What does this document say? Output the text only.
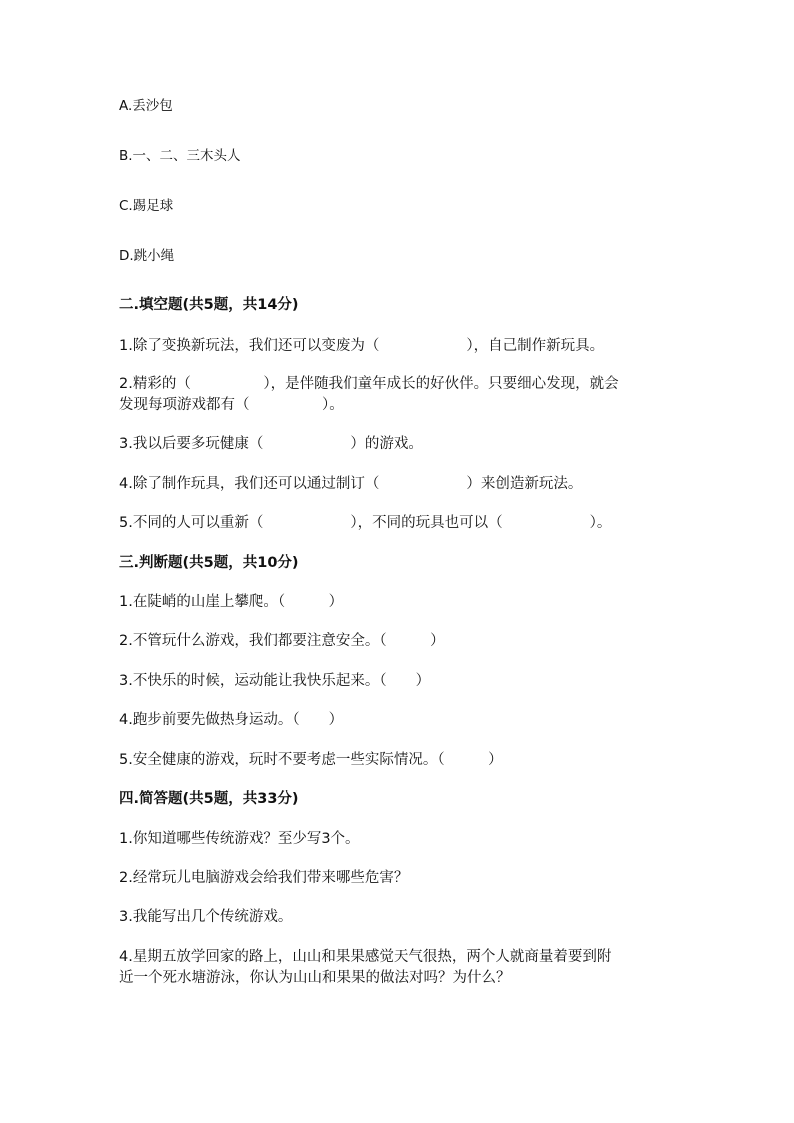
A.丢沙包
B.一、二、三木头人
C.踢足球
D.跳小绳
二.填空题(共5题，共14分)
1.除了变换新玩法，我们还可以变废为（　　　　　　），自己制作新玩具。
2.精彩的（　　　　　），是伴随我们童年成长的好伙伴。只要细心发现，就会
发现每项游戏都有（　　　　　）。
3.我以后要多玩健康（　　　　　　）的游戏。
4.除了制作玩具，我们还可以通过制订（　　　　　　）来创造新玩法。
5.不同的人可以重新（　　　　　　），不同的玩具也可以（　　　　　　）。
三.判断题(共5题，共10分)
1.在陡峭的山崖上攀爬。（　　　）
2.不管玩什么游戏，我们都要注意安全。（　　　）
3.不快乐的时候，运动能让我快乐起来。（　　）
4.跑步前要先做热身运动。（　　）
5.安全健康的游戏，玩时不要考虑一些实际情况。（　　　）
四.简答题(共5题，共33分)
1.你知道哪些传统游戏？至少写3个。
2.经常玩儿电脑游戏会给我们带来哪些危害？
3.我能写出几个传统游戏。
4.星期五放学回家的路上，山山和果果感觉天气很热，两个人就商量着要到附
近一个死水塘游泳，你认为山山和果果的做法对吗？为什么？
